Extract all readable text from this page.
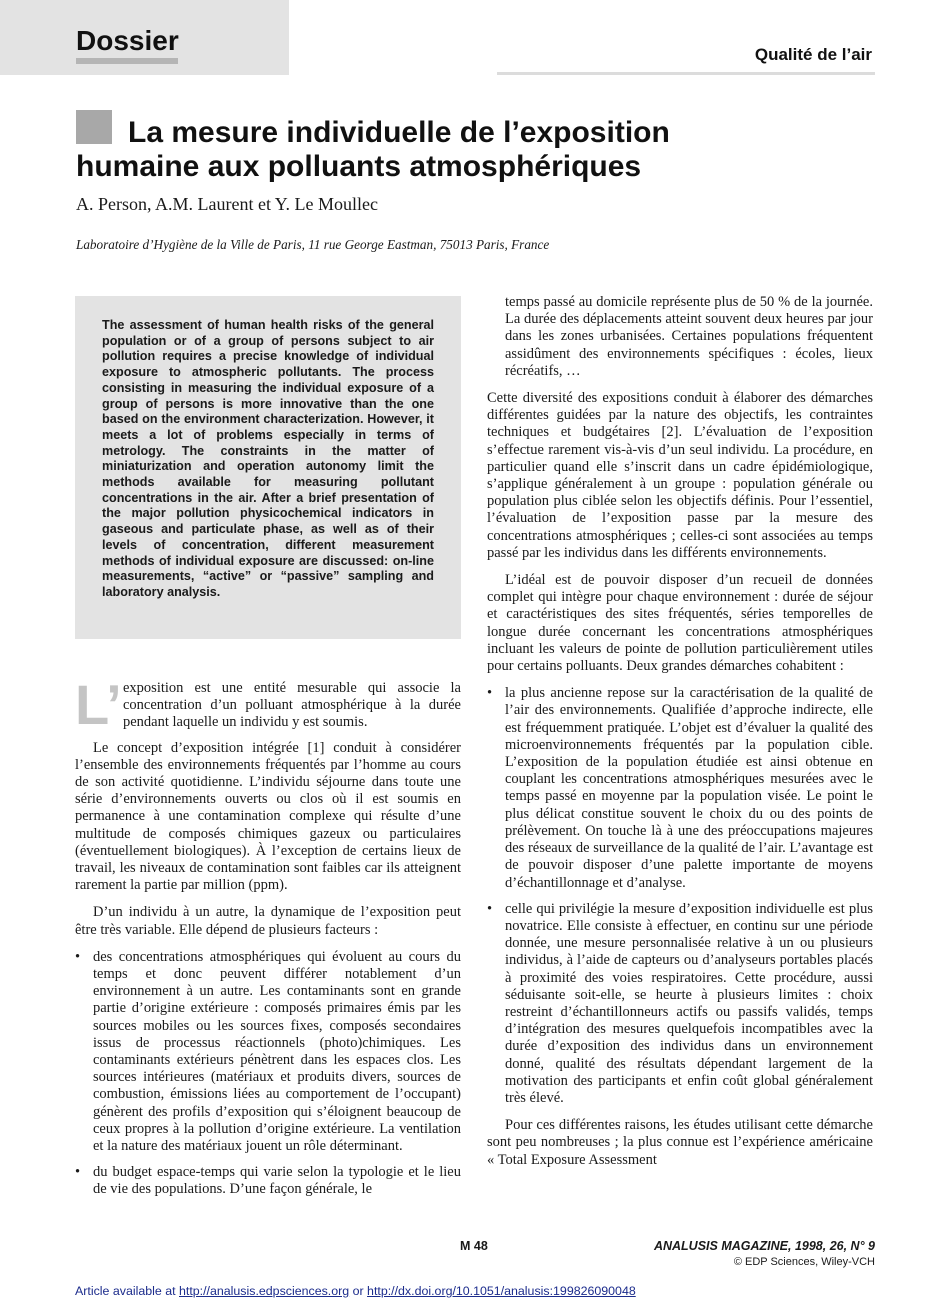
Dossier	Qualité de l’air
La mesure individuelle de l’exposition
humaine aux polluants atmosphériques
A. Person, A.M. Laurent et Y. Le Moullec
Laboratoire d’Hygiène de la Ville de Paris, 11 rue George Eastman, 75013 Paris, France

The assessment of human health risks of the general population or of a group of persons subject to air pollution requires a precise knowledge of individual exposure to atmospheric pollutants. The process consisting in measuring the individual exposure of a group of persons is more innovative than the one based on the environment characterization. However, it meets a lot of problems especially in terms of metrology. The constraints in the matter of miniaturization and operation autonomy limit the methods available for measuring pollutant concentrations in the air. After a brief presentation of the major pollution physicochemical indicators in gaseous and particulate phase, as well as of their levels of concentration, different measurement methods of individual exposure are discussed: on-line measurements, “active” or “passive” sampling and laboratory analysis.

L’ exposition est une entité mesurable qui associe la concentration d’un polluant atmosphérique à la durée pendant laquelle un individu y est soumis.

Le concept d’exposition intégrée [1] conduit à considérer l’ensemble des environnements fréquentés par l’homme au cours de son activité quotidienne. L’individu séjourne dans toute une série d’environnements ouverts ou clos où il est soumis en permanence à une contamination complexe qui résulte d’une multitude de composés chimiques gazeux ou particulaires (éventuellement biologiques). À l’exception de certains lieux de travail, les niveaux de contamination sont faibles car ils atteignent rarement la partie par million (ppm).

D’un individu à un autre, la dynamique de l’exposition peut être très variable. Elle dépend de plusieurs facteurs :

• des concentrations atmosphériques qui évoluent au cours du temps et donc peuvent différer notablement d’un environnement à un autre. Les contaminants sont en grande partie d’origine extérieure : composés primaires émis par les sources mobiles ou les sources fixes, composés secondaires issus de processus réactionnels (photo)chimiques. Les contaminants extérieurs pénètrent dans les espaces clos. Les sources intérieures (matériaux et produits divers, sources de combustion, émissions liées au comportement de l’occupant) génèrent des profils d’exposition qui s’éloignent beaucoup de ceux propres à la pollution d’origine extérieure. La ventilation et la nature des matériaux jouent un rôle déterminant.
• du budget espace-temps qui varie selon la typologie et le lieu de vie des populations. D’une façon générale, le

temps passé au domicile représente plus de 50 % de la journée. La durée des déplacements atteint souvent deux heures par jour dans les zones urbanisées. Certaines populations fréquentent assidûment des environnements spécifiques : écoles, lieux récréatifs, …

Cette diversité des expositions conduit à élaborer des démarches différentes guidées par la nature des objectifs, les contraintes techniques et budgétaires [2]. L’évaluation de l’exposition s’effectue rarement vis-à-vis d’un seul individu. La procédure, en particulier quand elle s’inscrit dans un cadre épidémiologique, s’applique généralement à un groupe : population générale ou population plus ciblée selon les objectifs définis. Pour l’essentiel, l’évaluation de l’exposition passe par la mesure des concentrations atmosphériques ; celles-ci sont associées au temps passé par les individus dans les différents environnements.

L’idéal est de pouvoir disposer d’un recueil de données complet qui intègre pour chaque environnement : durée de séjour et caractéristiques des sites fréquentés, séries temporelles de longue durée concernant les concentrations atmosphériques incluant les valeurs de pointe de pollution particulièrement utiles pour certains polluants. Deux grandes démarches cohabitent :

• la plus ancienne repose sur la caractérisation de la qualité de l’air des environnements. Qualifiée d’approche indirecte, elle est fréquemment pratiquée. L’objet est d’évaluer la qualité des microenvironnements fréquentés par la population cible. L’exposition de la population étudiée est ainsi obtenue en couplant les concentrations atmosphériques mesurées avec le temps passé en moyenne par la population visée. Le point le plus délicat constitue souvent le choix du ou des points de prélèvement. On touche là à une des préoccupations majeures des réseaux de surveillance de la qualité de l’air. L’avantage est de pouvoir disposer d’une palette importante de moyens d’échantillonnage et d’analyse.
• celle qui privilégie la mesure d’exposition individuelle est plus novatrice. Elle consiste à effectuer, en continu sur une période donnée, une mesure personnalisée relative à un ou plusieurs individus, à l’aide de capteurs ou d’analyseurs portables placés à proximité des voies respiratoires. Cette procédure, aussi séduisante soit-elle, se heurte à plusieurs limites : choix restreint d’échantillonneurs actifs ou passifs validés, temps d’intégration des mesures quelquefois incompatibles avec la durée d’exposition des individus dans un environnement donné, qualité des résultats dépendant largement de la motivation des participants et enfin coût global généralement très élevé.

Pour ces différentes raisons, les études utilisant cette démarche sont peu nombreuses ; la plus connue est l’expérience américaine « Total Exposure Assessment

M 48	ANALUSIS MAGAZINE, 1998, 26, N° 9
© EDP Sciences, Wiley-VCH
Article available at http://analusis.edpsciences.org or http://dx.doi.org/10.1051/analusis:199826090048
